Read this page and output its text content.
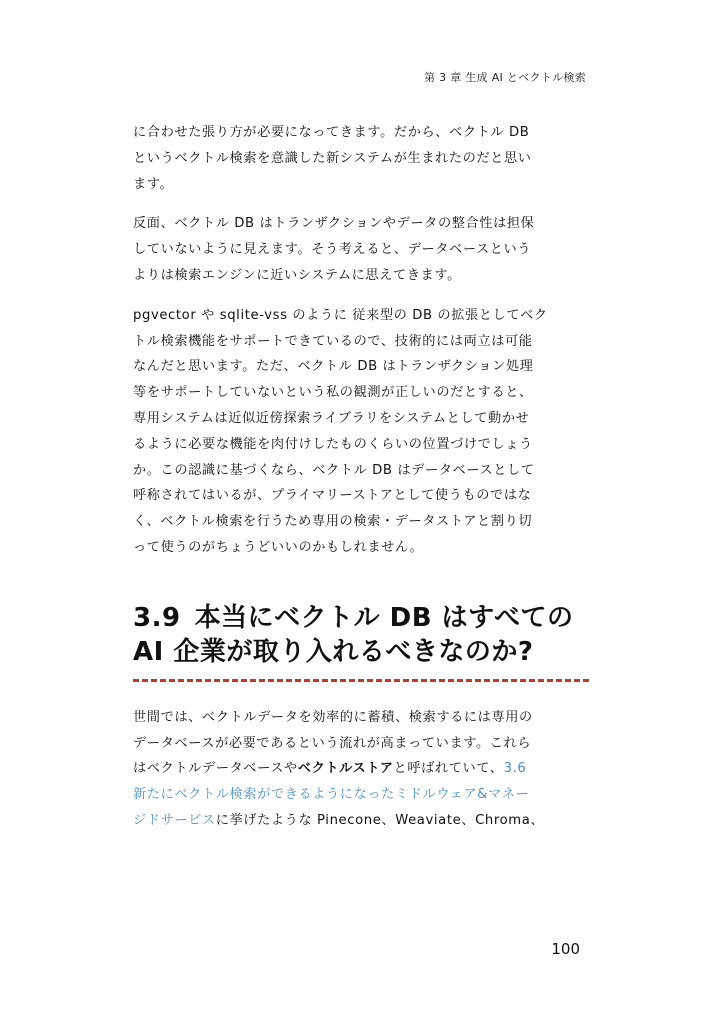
第 3 章 生成 AI とベクトル検索
に合わせた張り方が必要になってきます。だから、ベクトル DB
というベクトル検索を意識した新システムが生まれたのだと思い
ます。
反面、ベクトル DB はトランザクションやデータの整合性は担保
していないように見えます。そう考えると、データベースという
よりは検索エンジンに近いシステムに思えてきます。
pgvector や sqlite-vss のように 従来型の DB の拡張としてベク
トル検索機能をサポートできているので、技術的には両立は可能
なんだと思います。ただ、ベクトル DB はトランザクション処理
等をサポートしていないという私の観測が正しいのだとすると、
専用システムは近似近傍探索ライブラリをシステムとして動かせ
るように必要な機能を肉付けしたものくらいの位置づけでしょう
か。この認識に基づくなら、ベクトル DB はデータベースとして
呼称されてはいるが、プライマリーストアとして使うものではな
く、ベクトル検索を行うため専用の検索・データストアと割り切
って使うのがちょうどいいのかもしれません。
3.9 本当にベクトル DB はすべての
AI 企業が取り入れるべきなのか?
世間では、ベクトルデータを効率的に蓄積、検索するには専用の
データベースが必要であるという流れが高まっています。これら
はベクトルデータベースやベクトルストアと呼ばれていて、3.6
新たにベクトル検索ができるようになったミドルウェア&マネー
ジドサービスに挙げたような Pinecone、Weaviate、Chroma、
100
